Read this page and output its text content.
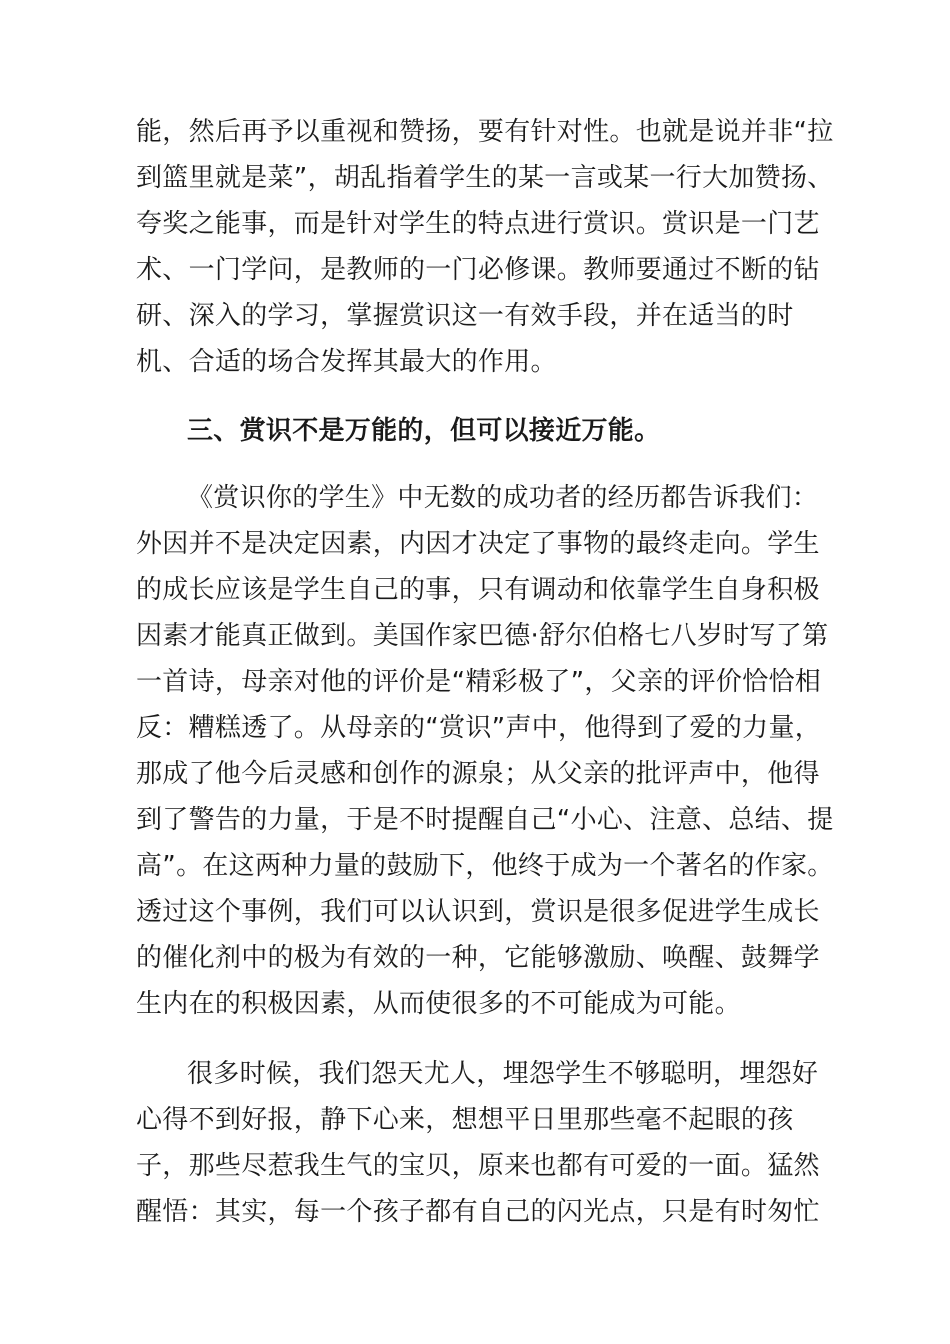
能，然后再予以重视和赞扬，要有针对性。也就是说并非“拉
到篮里就是菜”，胡乱指着学生的某一言或某一行大加赞扬、
夸奖之能事，而是针对学生的特点进行赏识。赏识是一门艺
术、一门学问，是教师的一门必修课。教师要通过不断的钻
研、深入的学习，掌握赏识这一有效手段，并在适当的时
机、合适的场合发挥其最大的作用。
三、赏识不是万能的，但可以接近万能。
《赏识你的学生》中无数的成功者的经历都告诉我们：
外因并不是决定因素，内因才决定了事物的最终走向。学生
的成长应该是学生自己的事，只有调动和依靠学生自身积极
因素才能真正做到。美国作家巴德·舒尔伯格七八岁时写了第
一首诗，母亲对他的评价是“精彩极了”，父亲的评价恰恰相
反：糟糕透了。从母亲的“赏识”声中，他得到了爱的力量，
那成了他今后灵感和创作的源泉；从父亲的批评声中，他得
到了警告的力量，于是不时提醒自己“小心、注意、总结、提
高”。在这两种力量的鼓励下，他终于成为一个著名的作家。
透过这个事例，我们可以认识到，赏识是很多促进学生成长
的催化剂中的极为有效的一种，它能够激励、唤醒、鼓舞学
生内在的积极因素，从而使很多的不可能成为可能。
很多时候，我们怨天尤人，埋怨学生不够聪明，埋怨好
心得不到好报，静下心来，想想平日里那些毫不起眼的孩
子，那些尽惹我生气的宝贝，原来也都有可爱的一面。猛然
醒悟：其实，每一个孩子都有自己的闪光点，只是有时匆忙
